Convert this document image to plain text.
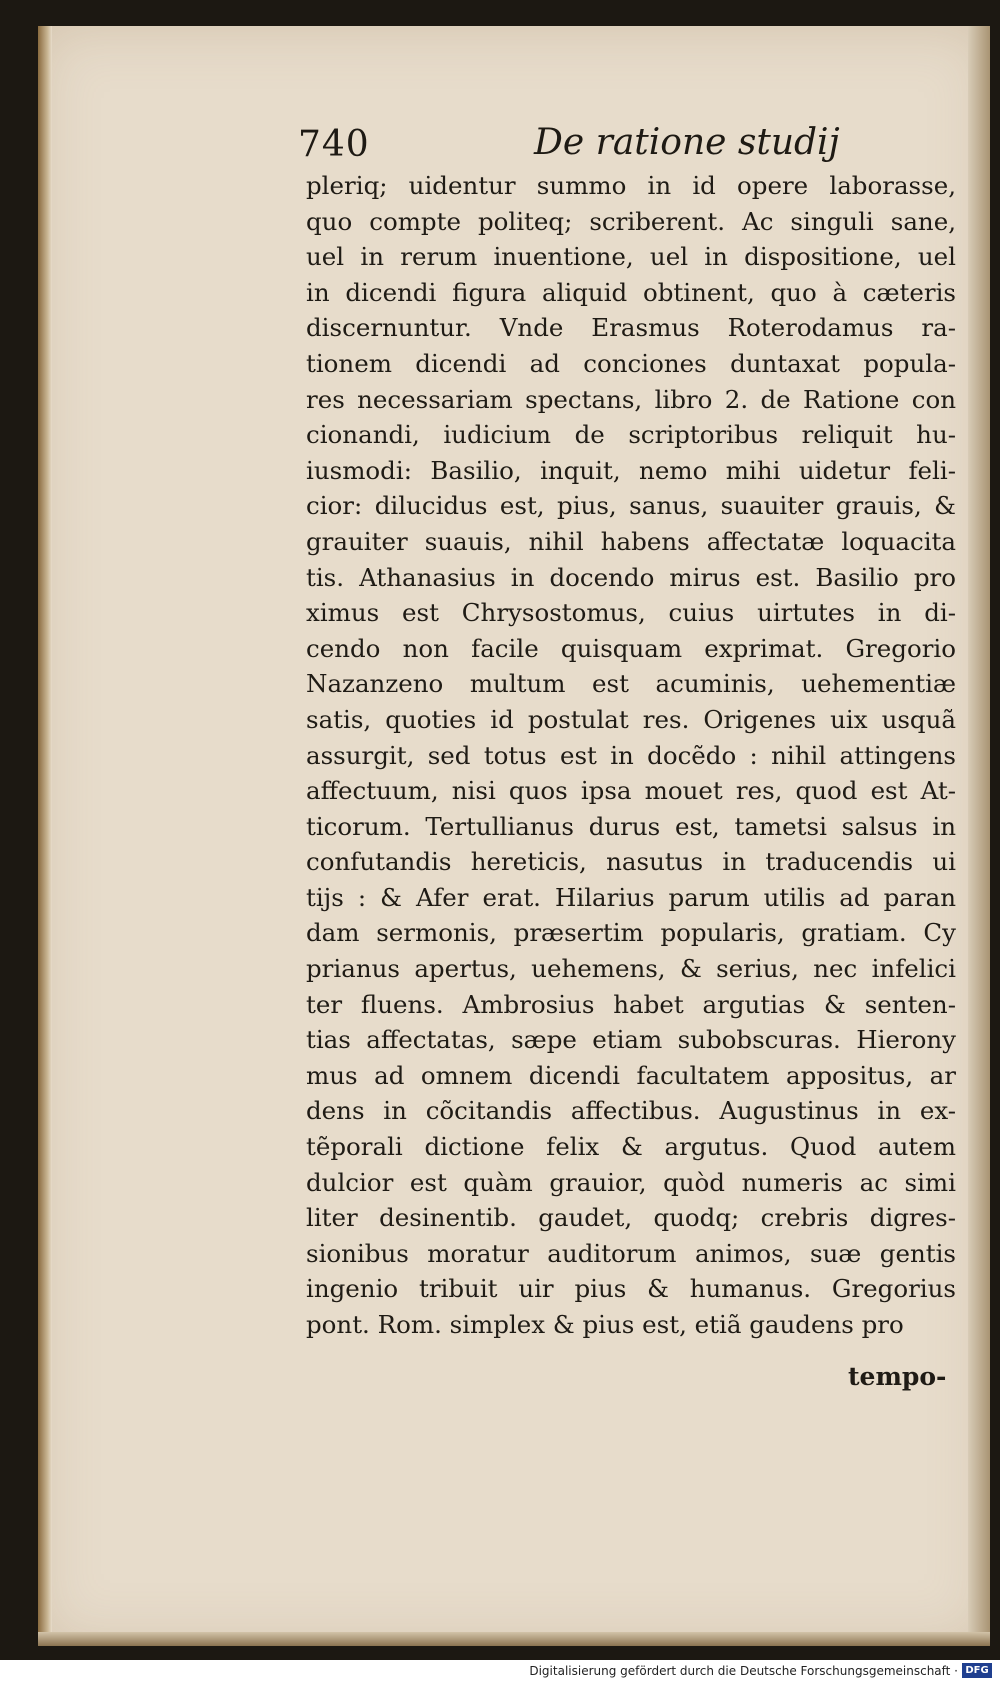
740	De ratione studij
pleriq; uidentur summo in id opere laborasse,
quo compte politeq; scriberent. Ac singuli sane,
uel in rerum inuentione, uel in dispositione, uel
in dicendi figura aliquid obtinent, quo à cæteris
discernuntur. Vnde Erasmus Roterodamus ra-
tionem dicendi ad conciones duntaxat popula-
res necessariam spectans, libro 2. de Ratione con
cionandi, iudicium de scriptoribus reliquit hu-
iusmodi: Basilio, inquit, nemo mihi uidetur feli-
cior: dilucidus est, pius, sanus, suauiter grauis, &
grauiter suauis, nihil habens affectatæ loquacita
tis. Athanasius in docendo mirus est. Basilio pro
ximus est Chrysostomus, cuius uirtutes in di-
cendo non facile quisquam exprimat. Gregorio
Nazanzeno multum est acuminis, uehementiæ
satis, quoties id postulat res. Origenes uix usquã
assurgit, sed totus est in docẽdo : nihil attingens
affectuum, nisi quos ipsa mouet res, quod est At-
ticorum. Tertullianus durus est, tametsi salsus in
confutandis hereticis, nasutus in traducendis ui
tijs : & Afer erat. Hilarius parum utilis ad paran
dam sermonis, præsertim popularis, gratiam. Cy
prianus apertus, uehemens, & serius, nec infelici
ter fluens. Ambrosius habet argutias & senten-
tias affectatas, sæpe etiam subobscuras. Hierony
mus ad omnem dicendi facultatem appositus, ar
dens in cõcitandis affectibus. Augustinus in ex-
tẽporali dictione felix & argutus. Quod autem
dulcior est quàm grauior, quòd numeris ac simi
liter desinentib. gaudet, quodq; crebris digres-
sionibus moratur auditorum animos, suæ gentis
ingenio tribuit uir pius & humanus. Gregorius
pont. Rom. simplex & pius est, etiã gaudens pro
tempo-
Digitalisierung gefördert durch die Deutsche Forschungsgemeinschaft · DFG
